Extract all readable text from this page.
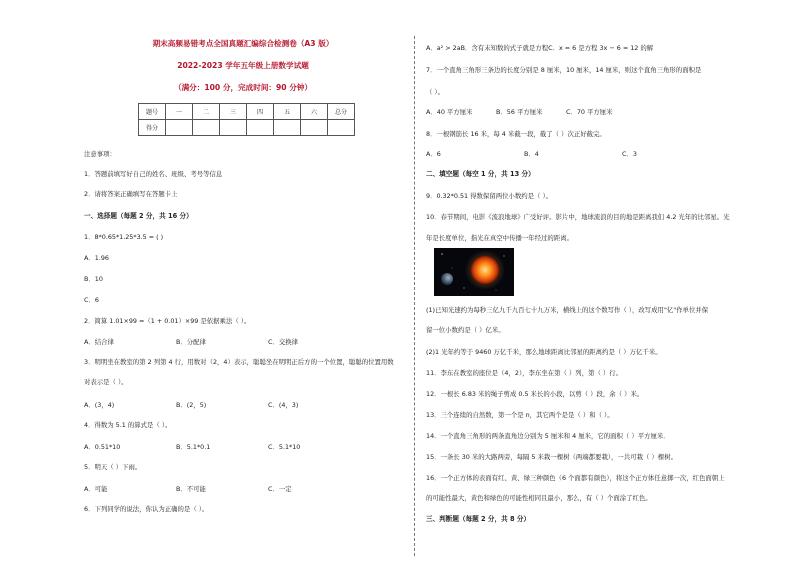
期末高频易错考点全国真题汇编综合检测卷（A3 版）
2022-2023 学年五年级上册数学试题
（满分：100 分，完成时间：90 分钟）
题号	一	二	三	四	五	六	总分
得分							
注意事项：
1．答题前填写好自己的姓名、班级、考号等信息
2．请将答案正确填写在答题卡上
一、选择题（每题 2 分，共 16 分）
1．8*0.65*1.25*3.5 = ( )
A．1.96
B．10
C．6
2．简算 1.01×99 =（1 + 0.01）×99 是依据乘法（ ）。
A．结合律	B．分配律	C．交换律
3．明明坐在教室的第 2 列第 4 行，用数对（2，4）表示，聪聪坐在明明正后方的一个位置，聪聪的位置用数
对表示是（ ）。
A．(3，4)	B．(2，5)	C．(4，3)
4．得数为 5.1 的算式是（ ）。
A．0.51*10	B．5.1*0.1	C．5.1*10
5．明天（ ）下雨。
A．可能	B．不可能	C．一定
6．下列同学的说法，你认为正确的是（ ）。
A．a² > 2aB．含有未知数的式子就是方程C．x = 6 是方程 3x − 6 = 12 的解
7．一个直角三角形三条边的长度分别是 8 厘米，10 厘米，14 厘米，则这个直角三角形的面积是
（ ）。
A．40 平方厘米	B．56 平方厘米	C．70 平方厘米
8．一根钢筋长 16 米，每 4 米截一段，截了（ ）次正好截完。
A．6	B．4	C．3
二、填空题（每空 1 分，共 13 分）
9．0.32*0.51 得数保留两位小数约是（ ）。
10．春节期间，电影《流浪地球》广受好评。影片中，地球流浪的目的地是距离我们 4.2 光年的比邻星。光
年是长度单位，指光在真空中传播一年经过的距离。
(1)已知光速约为每秒三亿九千九百七十九万米，横线上的这个数写作（ ），改写成用"亿"作单位并保
留一位小数约是（ ）亿米。
(2)1 光年约等于 9460 万亿千米，那么地球距离比邻星的距离约是（ ）万亿千米。
11．李东在教室的座位是（4，2），李东坐在第（ ）列，第（ ）行。
12．一根长 6.83 米的绳子剪成 0.5 米长的小段，以剪（ ）段，余（ ）米。
13．三个连续的自然数，第一个是 n，其它两个是是（ ）和（ ）。
14．一个直角三角形的两条直角边分别为 5 厘米和 4 厘米，它的面积（ ）平方厘米．
15．一条长 30 米的大路两旁，每隔 5 米栽一棵树（两端都要栽），一共可栽（ ）棵树。
16．一个正方体的表面有红、黄、绿三种颜色（6 个面都有颜色），将这个正方体任意掷一次，红色面朝上
的可能性最大，黄色和绿色的可能性相同且最小，那么，有（ ）个面涂了红色。
三、判断题（每题 2 分，共 8 分）
